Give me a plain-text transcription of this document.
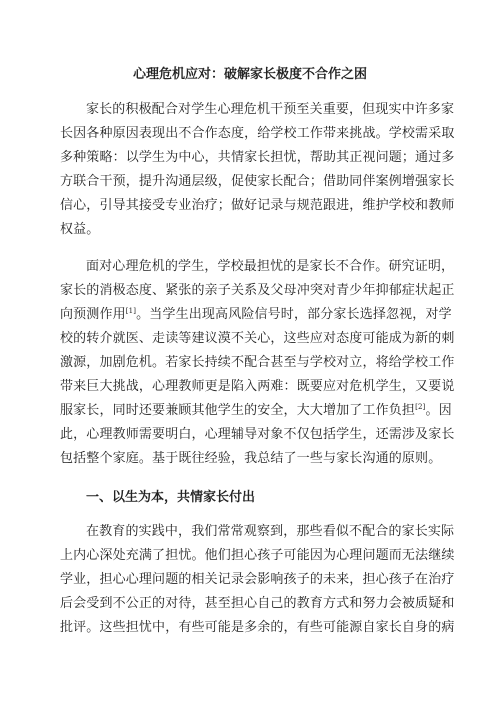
心理危机应对：破解家长极度不合作之困
家长的积极配合对学生心理危机干预至关重要，但现实中许多家
长因各种原因表现出不合作态度，给学校工作带来挑战。学校需采取
多种策略：以学生为中心，共情家长担忧，帮助其正视问题；通过多
方联合干预，提升沟通层级，促使家长配合；借助同伴案例增强家长
信心，引导其接受专业治疗；做好记录与规范跟进，维护学校和教师
权益。
面对心理危机的学生，学校最担忧的是家长不合作。研究证明，
家长的消极态度、紧张的亲子关系及父母冲突对青少年抑郁症状起正
向预测作用[1]。当学生出现高风险信号时，部分家长选择忽视，对学
校的转介就医、走读等建议漠不关心，这些应对态度可能成为新的刺
激源，加剧危机。若家长持续不配合甚至与学校对立，将给学校工作
带来巨大挑战，心理教师更是陷入两难：既要应对危机学生，又要说
服家长，同时还要兼顾其他学生的安全，大大增加了工作负担[2]。因
此，心理教师需要明白，心理辅导对象不仅包括学生，还需涉及家长
包括整个家庭。基于既往经验，我总结了一些与家长沟通的原则。
一、以生为本，共情家长付出
在教育的实践中，我们常常观察到，那些看似不配合的家长实际
上内心深处充满了担忧。他们担心孩子可能因为心理问题而无法继续
学业，担心心理问题的相关记录会影响孩子的未来，担心孩子在治疗
后会受到不公正的对待，甚至担心自己的教育方式和努力会被质疑和
批评。这些担忧中，有些可能是多余的，有些可能源自家长自身的病
